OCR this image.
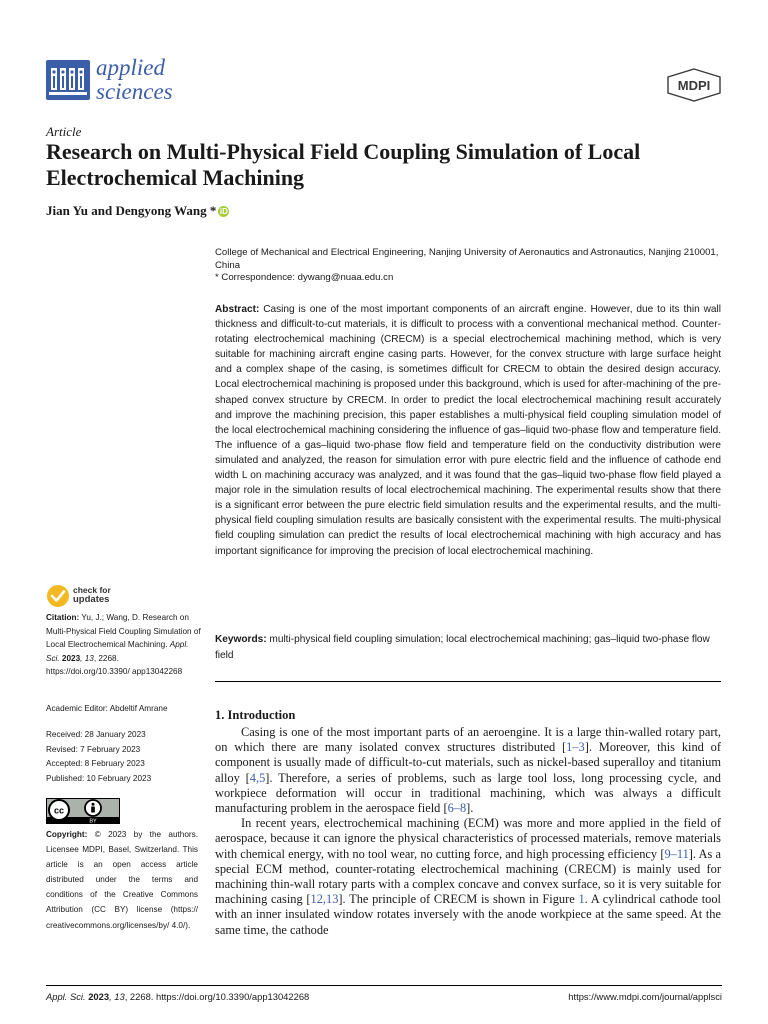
applied
sciences	MDPI
Article
Research on Multi-Physical Field Coupling Simulation of Local Electrochemical Machining
Jian Yu and Dengyong Wang * iD
College of Mechanical and Electrical Engineering, Nanjing University of Aeronautics and Astronautics, Nanjing 210001, China
* Correspondence: dywang@nuaa.edu.cn
Abstract: Casing is one of the most important components of an aircraft engine. However, due to its thin wall thickness and difficult-to-cut materials, it is difficult to process with a conventional mechanical method. Counter-rotating electrochemical machining (CRECM) is a special electrochemical machining method, which is very suitable for machining aircraft engine casing parts. However, for the convex structure with large surface height and a complex shape of the casing, is sometimes difficult for CRECM to obtain the desired design accuracy. Local electrochemical machining is proposed under this background, which is used for after-machining of the pre-shaped convex structure by CRECM. In order to predict the local electrochemical machining result accurately and improve the machining precision, this paper establishes a multi-physical field coupling simulation model of the local electrochemical machining considering the influence of gas–liquid two-phase flow and temperature field. The influence of a gas–liquid two-phase flow field and temperature field on the conductivity distribution were simulated and analyzed, the reason for simulation error with pure electric field and the influence of cathode end width L on machining accuracy was analyzed, and it was found that the gas–liquid two-phase flow field played a major role in the simulation results of local electrochemical machining. The experimental results show that there is a significant error between the pure electric field simulation results and the experimental results, and the multi-physical field coupling simulation results are basically consistent with the experimental results. The multi-physical field coupling simulation can predict the results of local electrochemical machining with high accuracy and has important significance for improving the precision of local electrochemical machining.
Keywords: multi-physical field coupling simulation; local electrochemical machining; gas–liquid two-phase flow field
1. Introduction

Casing is one of the most important parts of an aeroengine. It is a large thin-walled rotary part, on which there are many isolated convex structures distributed [1–3]. Moreover, this kind of component is usually made of difficult-to-cut materials, such as nickel-based superalloy and titanium alloy [4,5]. Therefore, a series of problems, such as large tool loss, long processing cycle, and workpiece deformation will occur in traditional machining, which was always a difficult manufacturing problem in the aerospace field [6–8].

In recent years, electrochemical machining (ECM) was more and more applied in the field of aerospace, because it can ignore the physical characteristics of processed materials, remove materials with chemical energy, with no tool wear, no cutting force, and high processing efficiency [9–11]. As a special ECM method, counter-rotating electrochemical machining (CRECM) is mainly used for machining thin-wall rotary parts with a complex concave and convex surface, so it is very suitable for machining casing [12,13]. The principle of CRECM is shown in Figure 1. A cylindrical cathode tool with an inner insulated window rotates inversely with the anode workpiece at the same speed. At the same time, the cathode

check for
updates
Citation: Yu, J.; Wang, D. Research on Multi-Physical Field Coupling Simulation of Local Electrochemical Machining. Appl. Sci. 2023, 13, 2268. https://doi.org/10.3390/ app13042268
Academic Editor: Abdeltif Amrane
Received: 28 January 2023
Revised: 7 February 2023
Accepted: 8 February 2023
Published: 10 February 2023
cc
BY
Copyright: © 2023 by the authors. Licensee MDPI, Basel, Switzerland. This article is an open access article distributed under the terms and conditions of the Creative Commons Attribution (CC BY) license (https:// creativecommons.org/licenses/by/ 4.0/).
Appl. Sci. 2023, 13, 2268. https://doi.org/10.3390/app13042268	https://www.mdpi.com/journal/applsci
